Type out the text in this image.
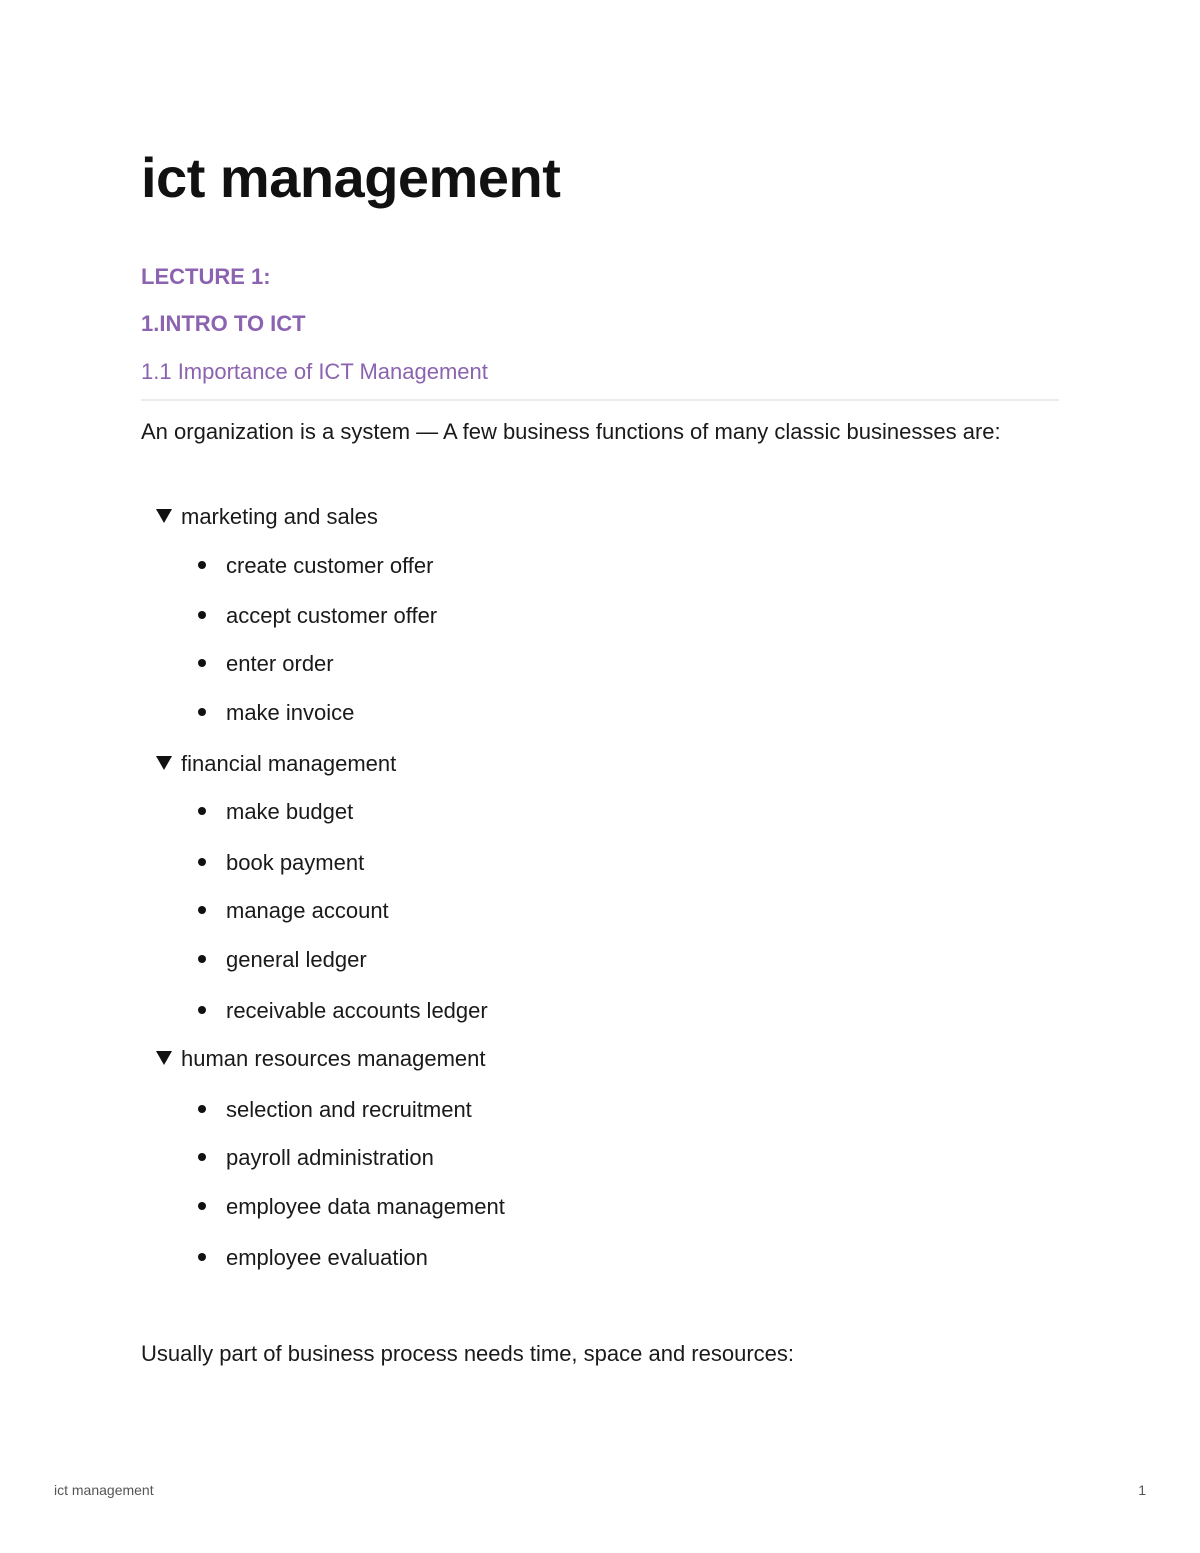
ict management
LECTURE 1:
1.INTRO TO ICT
1.1 Importance of ICT Management

An organization is a system — A few business functions of many classic businesses are:

marketing and sales
create customer offer
accept customer offer
enter order
make invoice
financial management
make budget
book payment
manage account
general ledger
receivable accounts ledger
human resources management
selection and recruitment
payroll administration
employee data management
employee evaluation

Usually part of business process needs time, space and resources:

ict management	1
